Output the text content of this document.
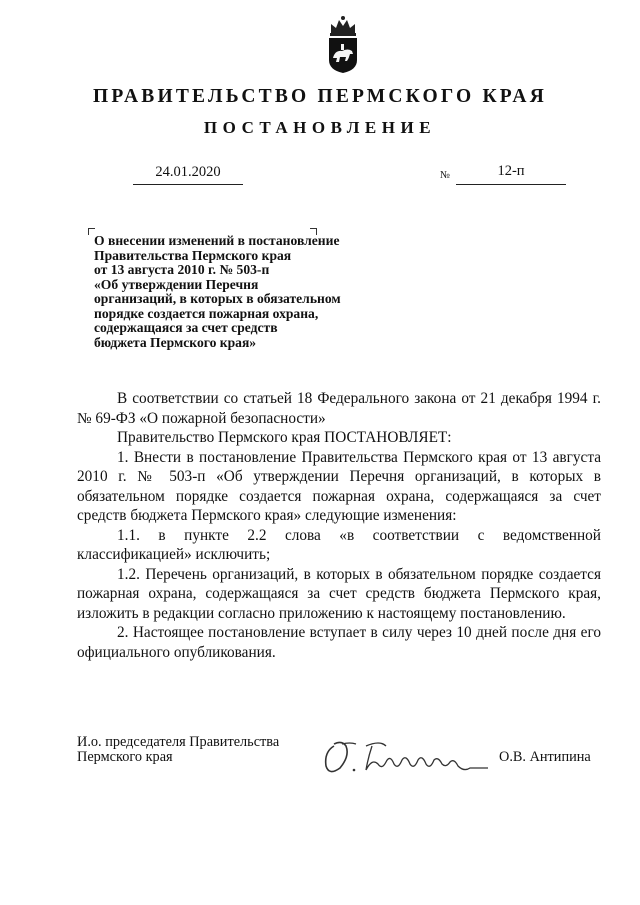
ПРАВИТЕЛЬСТВО ПЕРМСКОГО КРАЯ
ПОСТАНОВЛЕНИЕ
24.01.2020	№	12-п
О внесении изменений в постановление
Правительства Пермского края
от 13 августа 2010 г. № 503-п
«Об утверждении Перечня
организаций, в которых в обязательном
порядке создается пожарная охрана,
содержащаяся за счет средств
бюджета Пермского края»

В соответствии со статьей 18 Федерального закона от 21 декабря 1994 г. № 69-ФЗ «О пожарной безопасности»

Правительство Пермского края ПОСТАНОВЛЯЕТ:

1. Внести в постановление Правительства Пермского края от 13 августа 2010 г. № 503-п «Об утверждении Перечня организаций, в которых в обязательном порядке создается пожарная охрана, содержащаяся за счет средств бюджета Пермского края» следующие изменения:

1.1. в пункте 2.2 слова «в соответствии с ведомственной классификацией» исключить;

1.2. Перечень организаций, в которых в обязательном порядке создается пожарная охрана, содержащаяся за счет средств бюджета Пермского края, изложить в редакции согласно приложению к настоящему постановлению.

2. Настоящее постановление вступает в силу через 10 дней после дня его официального опубликования.

И.о. председателя Правительства
Пермского края	О.В. Антипина
